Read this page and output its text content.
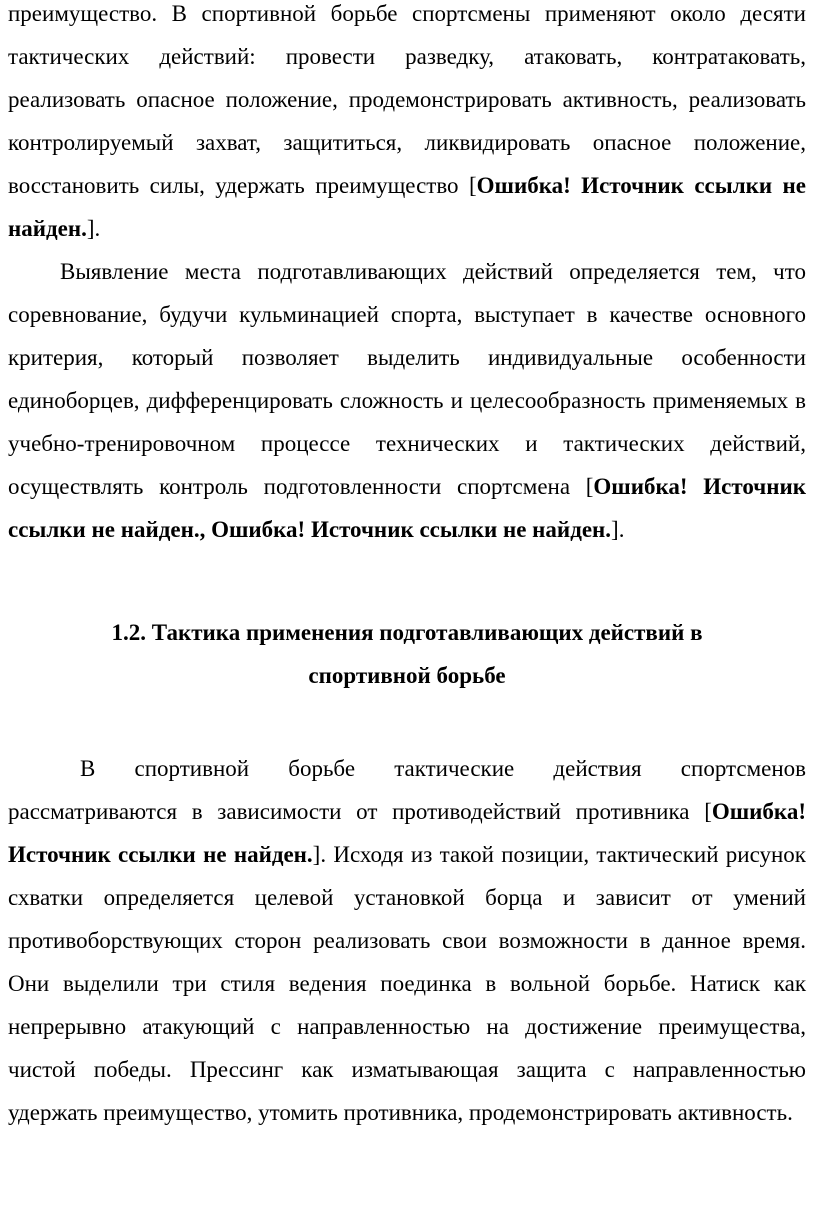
преимущество. В спортивной борьбе спортсмены применяют около десяти тактических действий: провести разведку, атаковать, контратаковать, реализовать опасное положение, продемонстрировать активность, реализовать контролируемый захват, защититься, ликвидировать опасное положение, восстановить силы, удержать преимущество [Ошибка! Источник ссылки не найден.].

Выявление места подготавливающих действий определяется тем, что соревнование, будучи кульминацией спорта, выступает в качестве основного критерия, который позволяет выделить индивидуальные особенности единоборцев, дифференцировать сложность и целесообразность применяемых в учебно-тренировочном процессе технических и тактических действий, осуществлять контроль подготовленности спортсмена [Ошибка! Источник ссылки не найден., Ошибка! Источник ссылки не найден.].

1.2. Тактика применения подготавливающих действий в

спортивной борьбе

В спортивной борьбе тактические действия спортсменов рассматриваются в зависимости от противодействий противника [Ошибка! Источник ссылки не найден.]. Исходя из такой позиции, тактический рисунок схватки определяется целевой установкой борца и зависит от умений противоборствующих сторон реализовать свои возможности в данное время. Они выделили три стиля ведения поединка в вольной борьбе. Натиск как непрерывно атакующий с направленностью на достижение преимущества, чистой победы. Прессинг как изматывающая защита с направленностью удержать преимущество, утомить противника, продемонстрировать активность.
